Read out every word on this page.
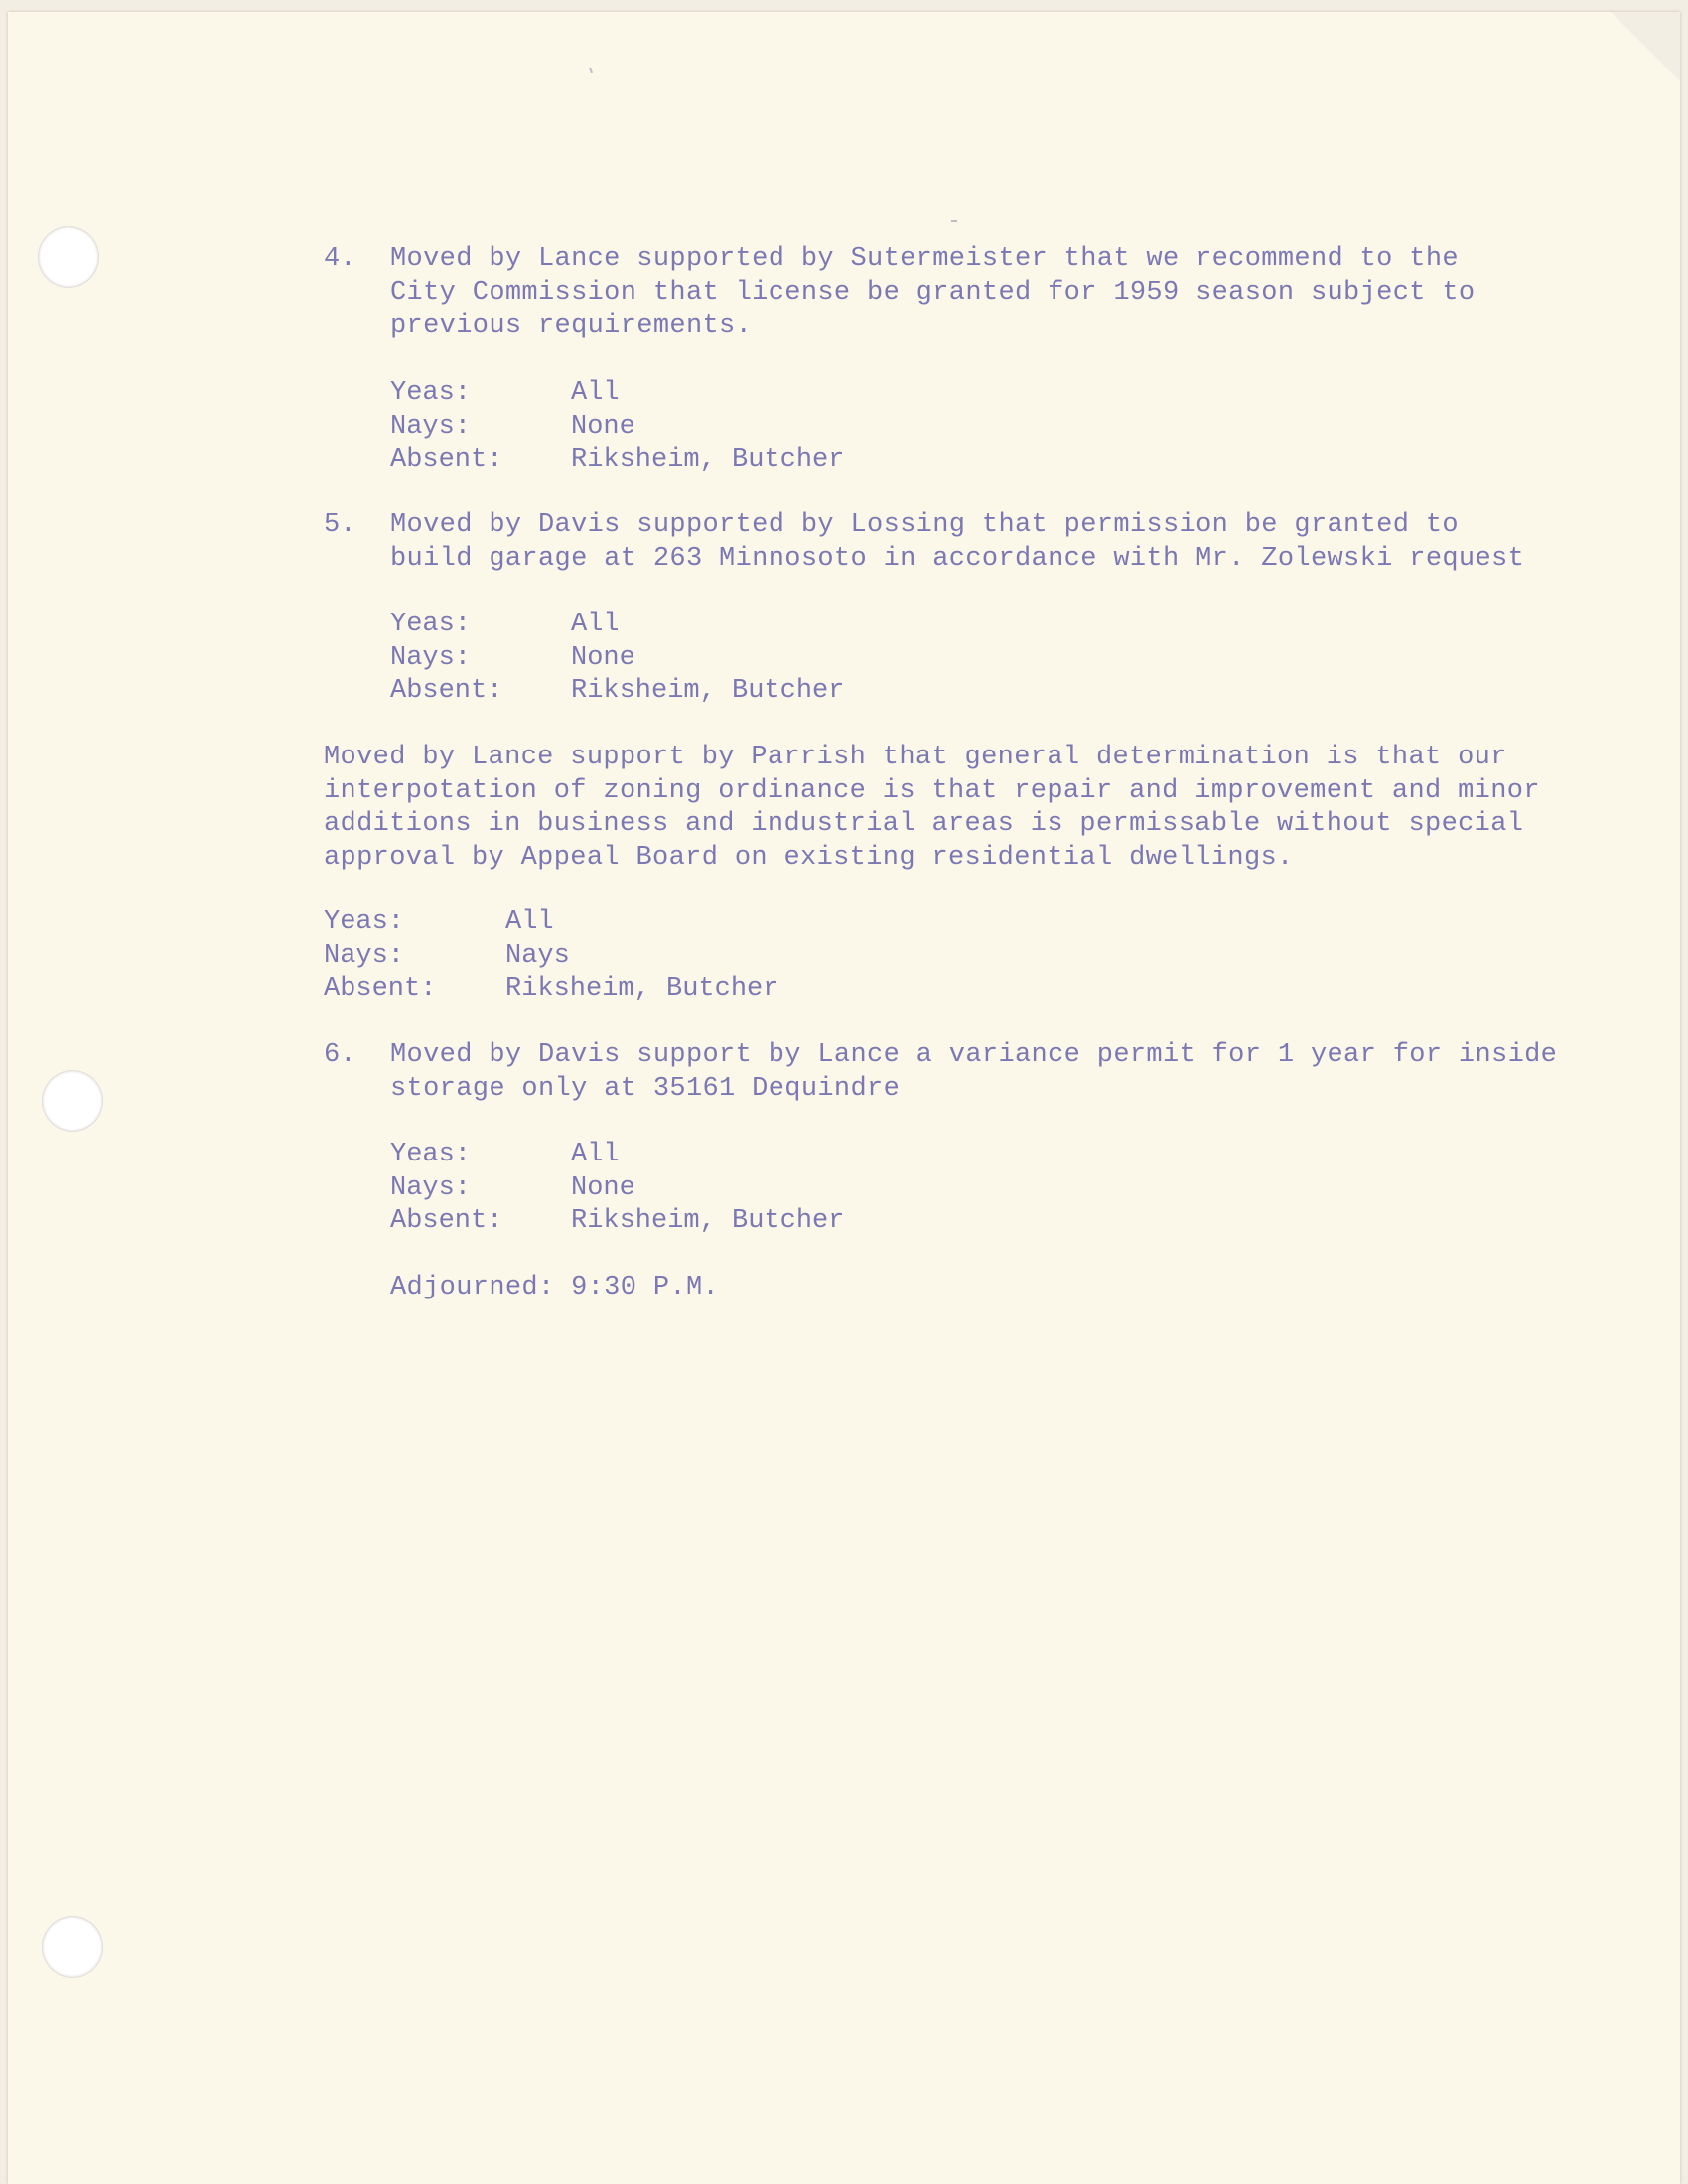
4. Moved by Lance supported by Sutermeister that we recommend to the
City Commission that license be granted for 1959 season subject to
previous requirements.
Yeas:	All
Nays:	None
Absent:	Riksheim, Butcher
5. Moved by Davis supported by Lossing that permission be granted to
build garage at 263 Minnosoto in accordance with Mr. Zolewski request
Yeas:	All
Nays:	None
Absent:	Riksheim, Butcher
Moved by Lance support by Parrish that general determination is that our
interpotation of zoning ordinance is that repair and improvement and minor
additions in business and industrial areas is permissable without special
approval by Appeal Board on existing residential dwellings.
Yeas:	All
Nays:	Nays
Absent:	Riksheim, Butcher
6. Moved by Davis support by Lance a variance permit for 1 year for inside
storage only at 35161 Dequindre
Yeas:	All
Nays:	None
Absent:	Riksheim, Butcher
Adjourned: 9:30 P.M.
